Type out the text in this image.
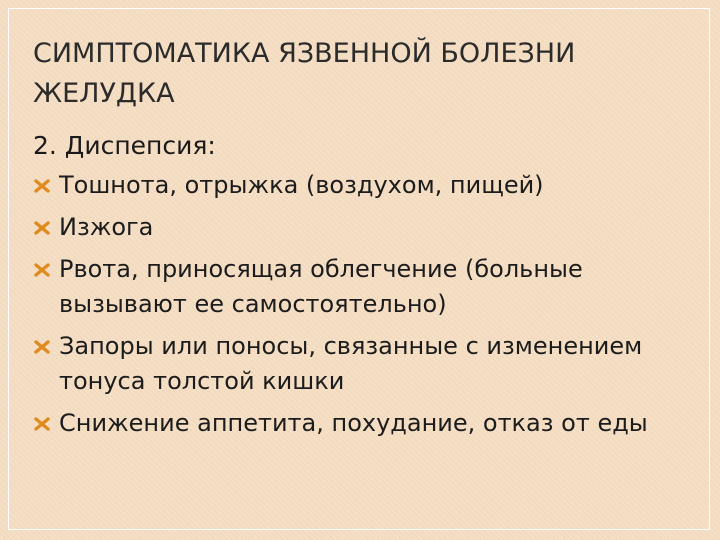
СИМПТОМАТИКА ЯЗВЕННОЙ БОЛЕЗНИ
ЖЕЛУДКА
2. Диспепсия:
Тошнота, отрыжка (воздухом, пищей)
Изжога
Рвота, приносящая облегчение (больные вызывают ее самостоятельно)
Запоры или поносы, связанные с изменением тонуса толстой кишки
Снижение аппетита, похудание, отказ от еды
